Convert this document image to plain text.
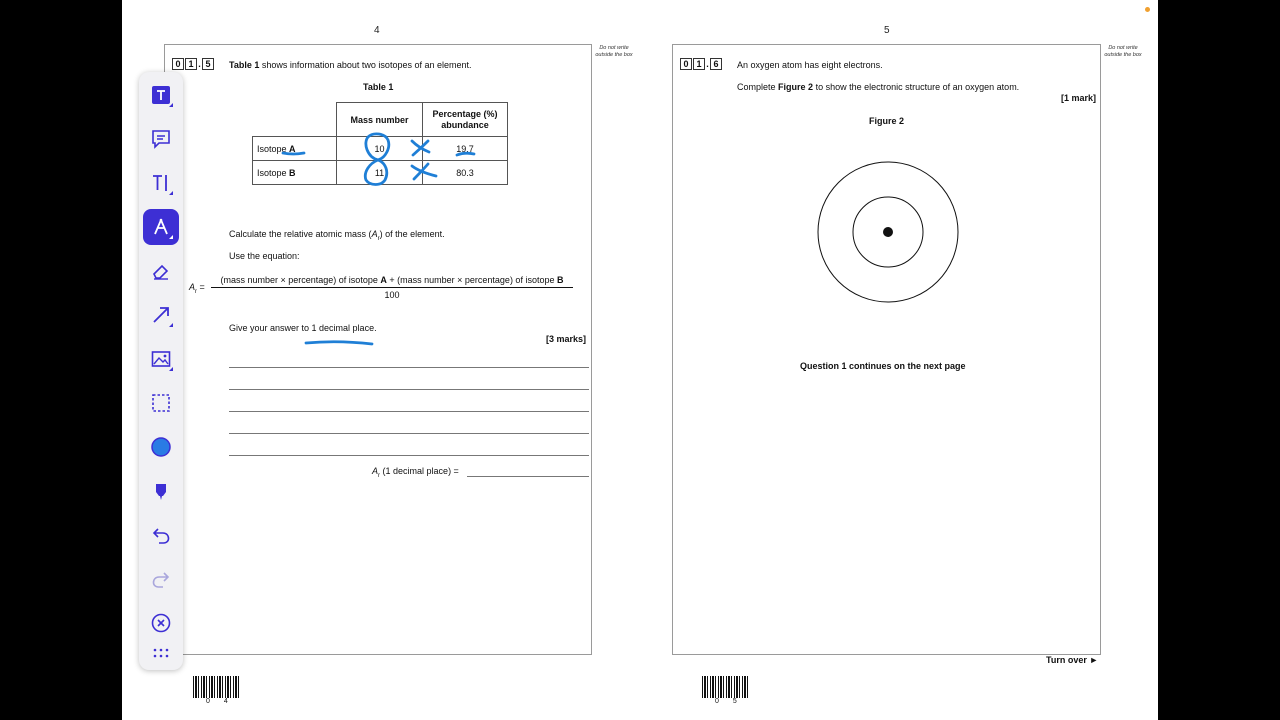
4
Do not write outside the box
0 1 . 5	Table 1 shows information about two isotopes of an element.
Table 1
	Mass number	Percentage (%) abundance
Isotope A	10	19.7
Isotope B	11	80.3
Calculate the relative atomic mass $(A_r)$ of the element.
Use the equation:
$A_r$ =
(mass number × percentage) of isotope A + (mass number × percentage) of isotope B
100
Give your answer to 1 decimal place.
[3 marks]
$A_r$ (1 decimal place) =
0 4
5
Do not write outside the box
0 1 . 6	An oxygen atom has eight electrons.
Complete Figure 2 to show the electronic structure of an oxygen atom.
[1 mark]
Figure 2
Question 1 continues on the next page
Turn over ►
0 5
